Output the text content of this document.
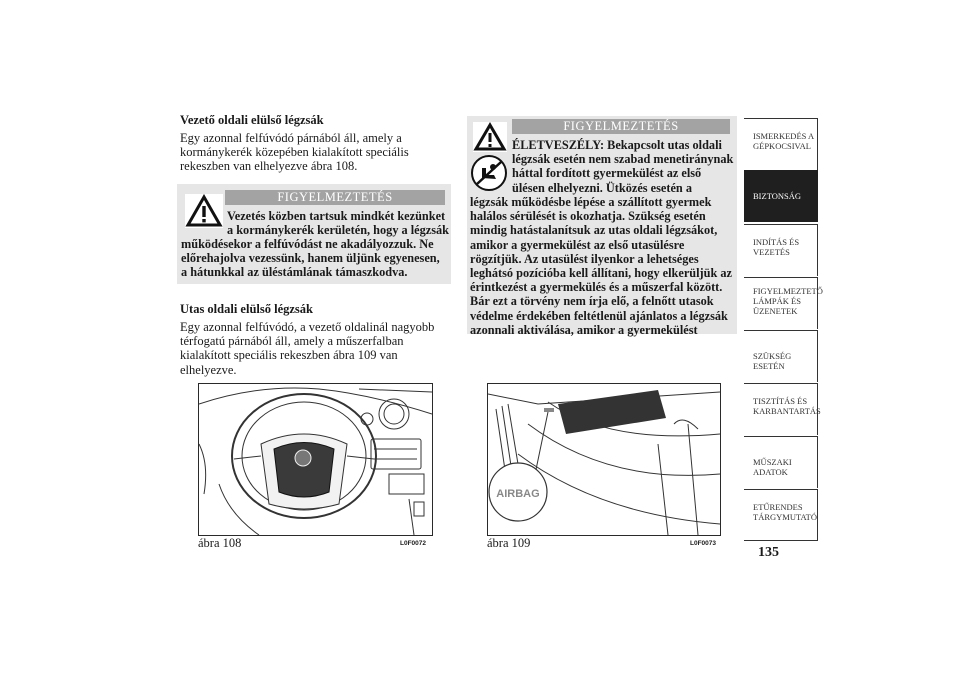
Vezető oldali elülső légzsák
Egy azonnal felfúvódó párnából áll, amely a
kormánykerék közepében kialakított speciális
rekeszben van elhelyezve ábra 108.
FIGYELMEZTETÉS
Vezetés közben tartsuk mindkét kezünket
a kormánykerék kerületén, hogy a légzsák
működésekor a felfúvódást ne akadályozzuk. Ne
előrehajolva vezessünk, hanem üljünk egyenesen,
a hátunkkal az üléstámlának támaszkodva.
Utas oldali elülső légzsák
Egy azonnal felfúvódó, a vezető oldalinál nagyobb
térfogatú párnából áll, amely a műszerfalban
kialakított speciális rekeszben ábra 109 van
elhelyezve.
FIGYELMEZTETÉS
ÉLETVESZÉLY: Bekapcsolt utas oldali
légzsák esetén nem szabad menetiránynak
háttal fordított gyermekülést az első
ülésen elhelyezni. Ütközés esetén a
légzsák működésbe lépése a szállított gyermek
halálos sérülését is okozhatja. Szükség esetén
mindig hatástalanítsuk az utas oldali légzsákot,
amikor a gyermekülést az első utasülésre
rögzítjük. Az utasülést ilyenkor a lehetséges
leghátsó pozícióba kell állítani, hogy elkerüljük az
érintkezést a gyermekülés és a műszerfal között.
Bár ezt a törvény nem írja elő, a felnőtt utasok
védelme érdekében feltétlenül ajánlatos a légzsák
azonnali aktiválása, amikor a gyermekülést
ábra 108	L0F0072
AIRBAG
ábra 109	L0F0073
ISMERKEDÉS A
GÉPKOCSIVAL
BIZTONSÁG
INDÍTÁS ÉS
VEZETÉS
FIGYELMEZTETŐ
LÁMPÁK ÉS
ÜZENETEK
SZÜKSÉG ESETÉN
TISZTÍTÁS ÉS
KARBANTARTÁS
MŰSZAKI ADATOK
ETŰRENDES
TÁRGYMUTATÓ
135
